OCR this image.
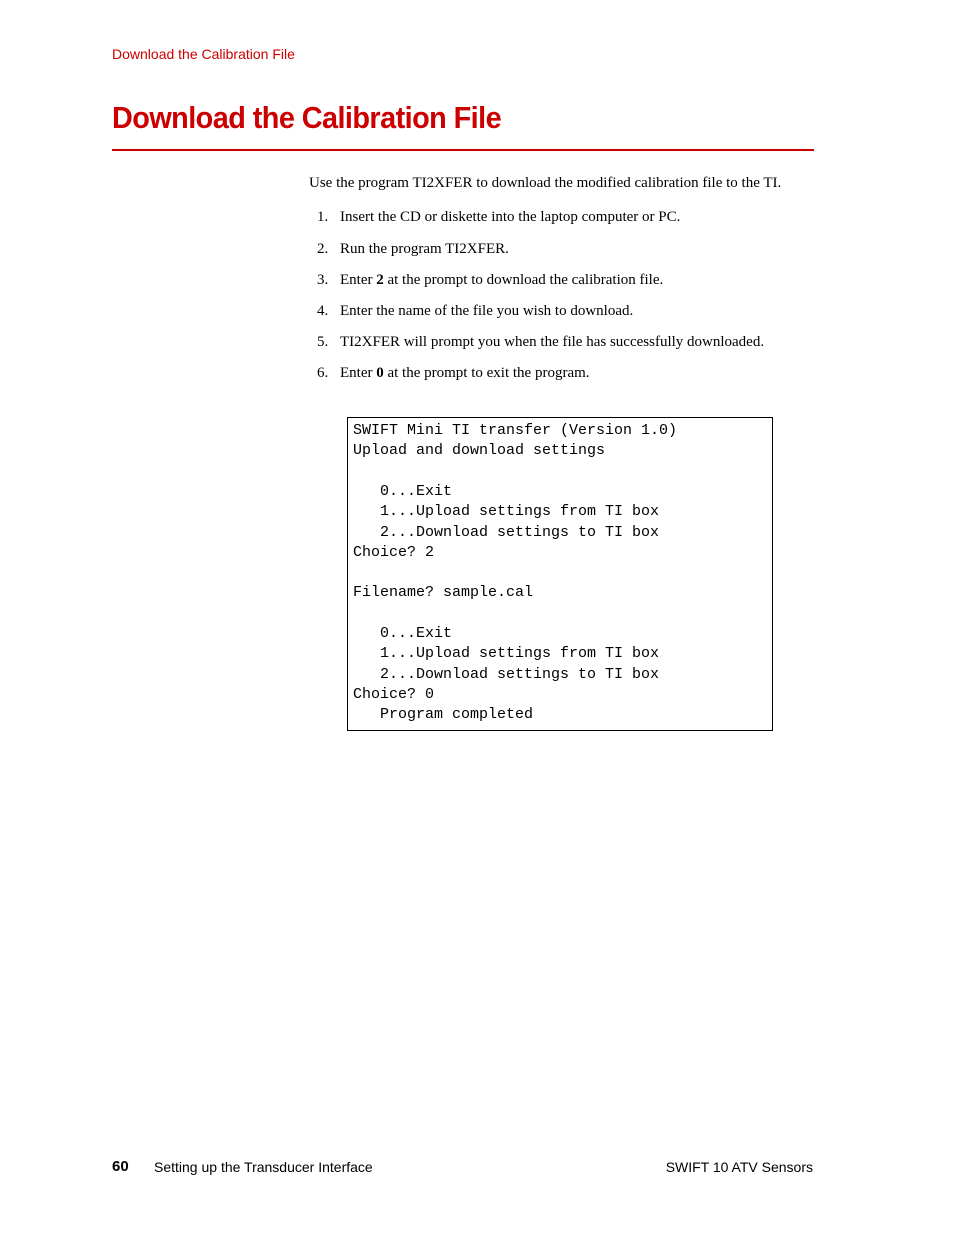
Download the Calibration File
Download the Calibration File

Use the program TI2XFER to download the modified calibration file to the TI.

1. Insert the CD or diskette into the laptop computer or PC.
2. Run the program TI2XFER.
3. Enter 2 at the prompt to download the calibration file.
4. Enter the name of the file you wish to download.
5. TI2XFER will prompt you when the file has successfully downloaded.
6. Enter 0 at the prompt to exit the program.
SWIFT Mini TI transfer (Version 1.0)
Upload and download settings
0...Exit
1...Upload settings from TI box
2...Download settings to TI box
Choice? 2
Filename? sample.cal
0...Exit
1...Upload settings from TI box
2...Download settings to TI box
Choice? 0
Program completed
60 Setting up the Transducer Interface	SWIFT 10 ATV Sensors
